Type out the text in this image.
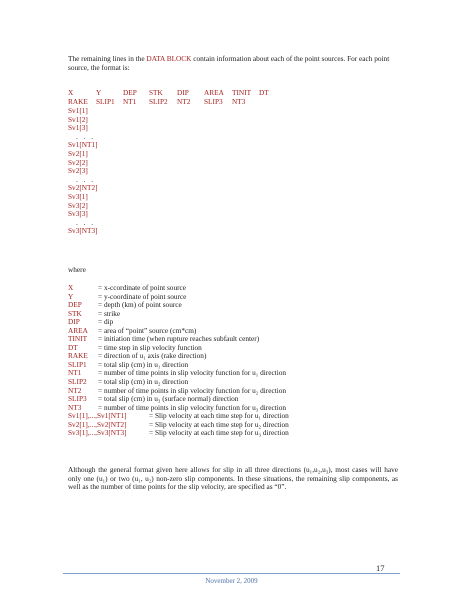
The remaining lines in the DATA BLOCK contain information about each of the point sources. For each point source, the format is:
X	Y	DEP STK DIP AREA TINIT DT
RAKE SLIP1 NT1 SLIP2 NT2 SLIP3 NT3
Sv1[1]
Sv1[2]
Sv1[3]
. . .
Sv1[NT1]
Sv2[1]
Sv2[2]
Sv2[3]
. . .
Sv2[NT2]
Sv3[1]
Sv3[2]
Sv3[3]
. . .
Sv3[NT3]
where
X	= x-ccordinate of point source
Y	= y-coordinate of point source
DEP = depth (km) of point source
STK = strike
DIP = dip
AREA = area of “point” source (cm*cm)
TINIT = initiation time (when rupture reaches subfault center)
DT	= time step in slip velocity function
RAKE = direction of u₁ axis (rake direction)
SLIP1 = total slip (cm) in u₁ direction
NT1 = number of time points in slip velocity function for u₁ direction
SLIP2 = total slip (cm) in u₂ direction
NT2 = number of time points in slip velocity function for u₂ direction
SLIP3 = total slip (cm) in u₃ (surface normal) direction
NT3 = number of time points in slip velocity function for u₃ direction
Sv1[1],...,Sv1[NT1]	= Slip velocity at each time step for u₁ direction
Sv2[1],...,Sv2[NT2]	= Slip velocity at each time step for u₂ direction
Sv3[1],...,Sv3[NT3]	= Slip velocity at each time step for u₃ direction
Although the general format given here allows for slip in all three directions (u₁,u₂,u₃), most cases will have only one (u₁) or two (u₁, u₂) non-zero slip components. In these situations, the remaining slip components, as well as the number of time points for the slip velocity, are specified as “0”.
17
November 2, 2009
